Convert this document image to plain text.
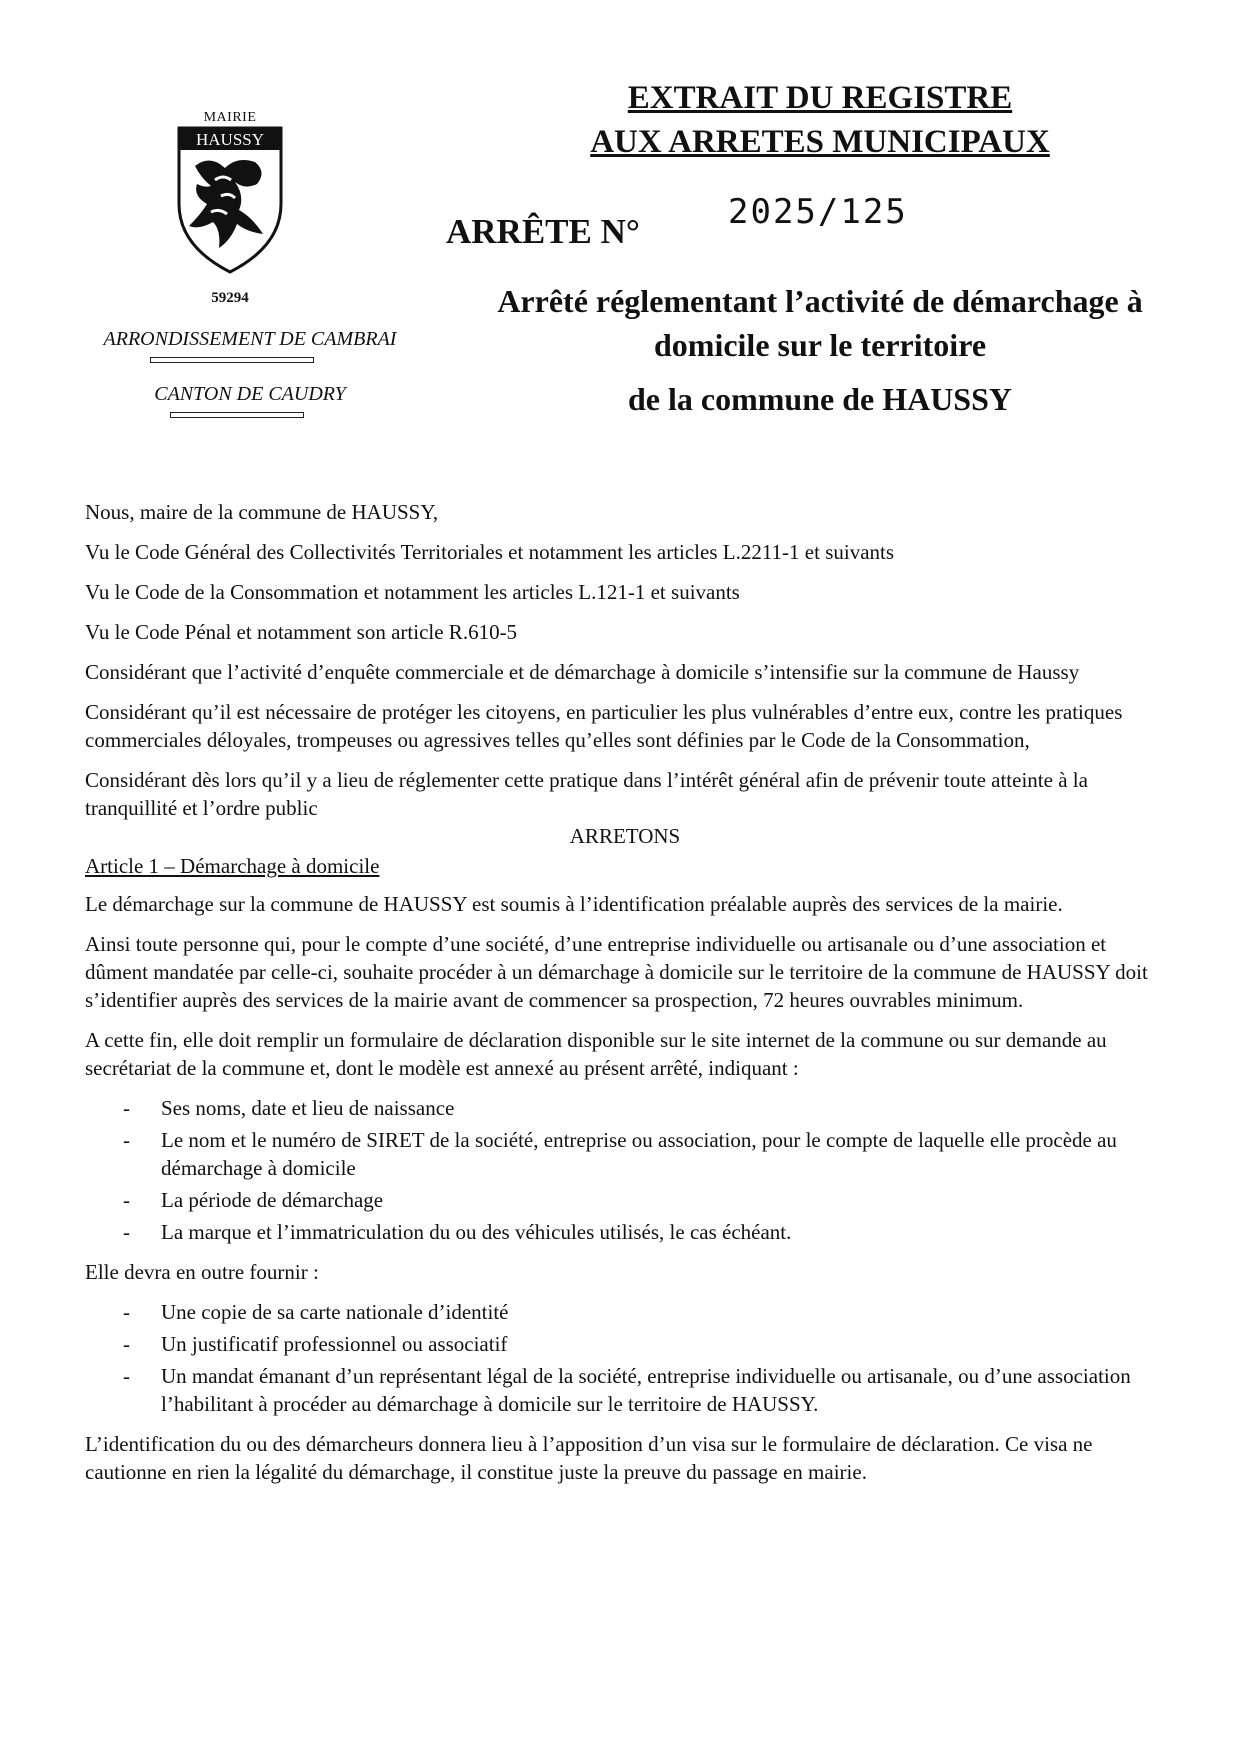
MAIRIE
HAUSSY
59294
ARRONDISSEMENT DE CAMBRAI
CANTON DE CAUDRY
EXTRAIT DU REGISTRE
AUX ARRETES MUNICIPAUX
ARRÊTE N°	2025/125
Arrêté réglementant l’activité de démarchage à
domicile sur le territoire
de la commune de HAUSSY

Nous, maire de la commune de HAUSSY,

Vu le Code Général des Collectivités Territoriales et notamment les articles L.2211-1 et suivants

Vu le Code de la Consommation et notamment les articles L.121-1 et suivants

Vu le Code Pénal et notamment son article R.610-5

Considérant que l’activité d’enquête commerciale et de démarchage à domicile s’intensifie sur la commune de Haussy

Considérant qu’il est nécessaire de protéger les citoyens, en particulier les plus vulnérables d’entre eux, contre les pratiques commerciales déloyales, trompeuses ou agressives telles qu’elles sont définies par le Code de la Consommation,

Considérant dès lors qu’il y a lieu de réglementer cette pratique dans l’intérêt général afin de prévenir toute atteinte à la tranquillité et l’ordre public

ARRETONS

Article 1 – Démarchage à domicile

Le démarchage sur la commune de HAUSSY est soumis à l’identification préalable auprès des services de la mairie.

Ainsi toute personne qui, pour le compte d’une société, d’une entreprise individuelle ou artisanale ou d’une association et dûment mandatée par celle-ci, souhaite procéder à un démarchage à domicile sur le territoire de la commune de HAUSSY doit s’identifier auprès des services de la mairie avant de commencer sa prospection, 72 heures ouvrables minimum.

A cette fin, elle doit remplir un formulaire de déclaration disponible sur le site internet de la commune ou sur demande au secrétariat de la commune et, dont le modèle est annexé au présent arrêté, indiquant :

- Ses noms, date et lieu de naissance
- Le nom et le numéro de SIRET de la société, entreprise ou association, pour le compte de laquelle elle procède au démarchage à domicile
- La période de démarchage
- La marque et l’immatriculation du ou des véhicules utilisés, le cas échéant.

Elle devra en outre fournir :

- Une copie de sa carte nationale d’identité
- Un justificatif professionnel ou associatif
- Un mandat émanant d’un représentant légal de la société, entreprise individuelle ou artisanale, ou d’une association l’habilitant à procéder au démarchage à domicile sur le territoire de HAUSSY.

L’identification du ou des démarcheurs donnera lieu à l’apposition d’un visa sur le formulaire de déclaration. Ce visa ne cautionne en rien la légalité du démarchage, il constitue juste la preuve du passage en mairie.
